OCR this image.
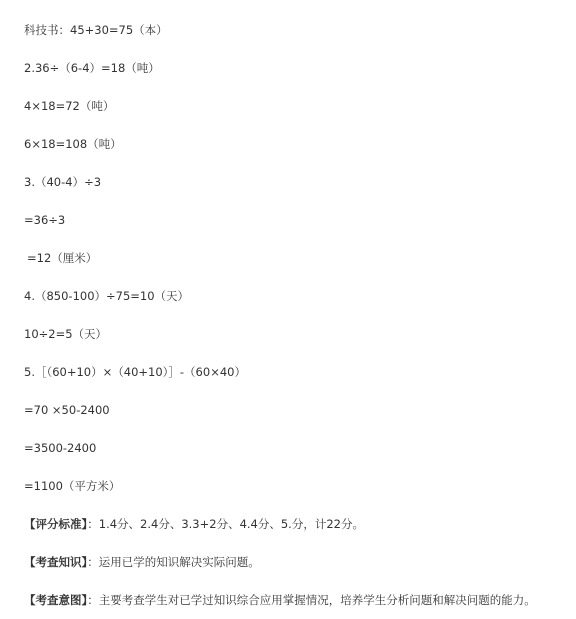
科技书：45+30=75（本）
2.36÷（6-4）=18（吨）
4×18=72（吨）
6×18=108（吨）
3.（40-4）÷3
=36÷3
=12（厘米）
4.（850-100）÷75=10（天）
10÷2=5（天）
5.［（60+10）×（40+10）］-（60×40）
=70 ×50-2400
=3500-2400
=1100（平方米）
【评分标准】：1.4分、2.4分、3.3+2分、4.4分、5.分，计22分。
【考查知识】：运用已学的知识解决实际问题。
【考查意图】：主要考查学生对已学过知识综合应用掌握情况，培养学生分析问题和解决问题的能力。
